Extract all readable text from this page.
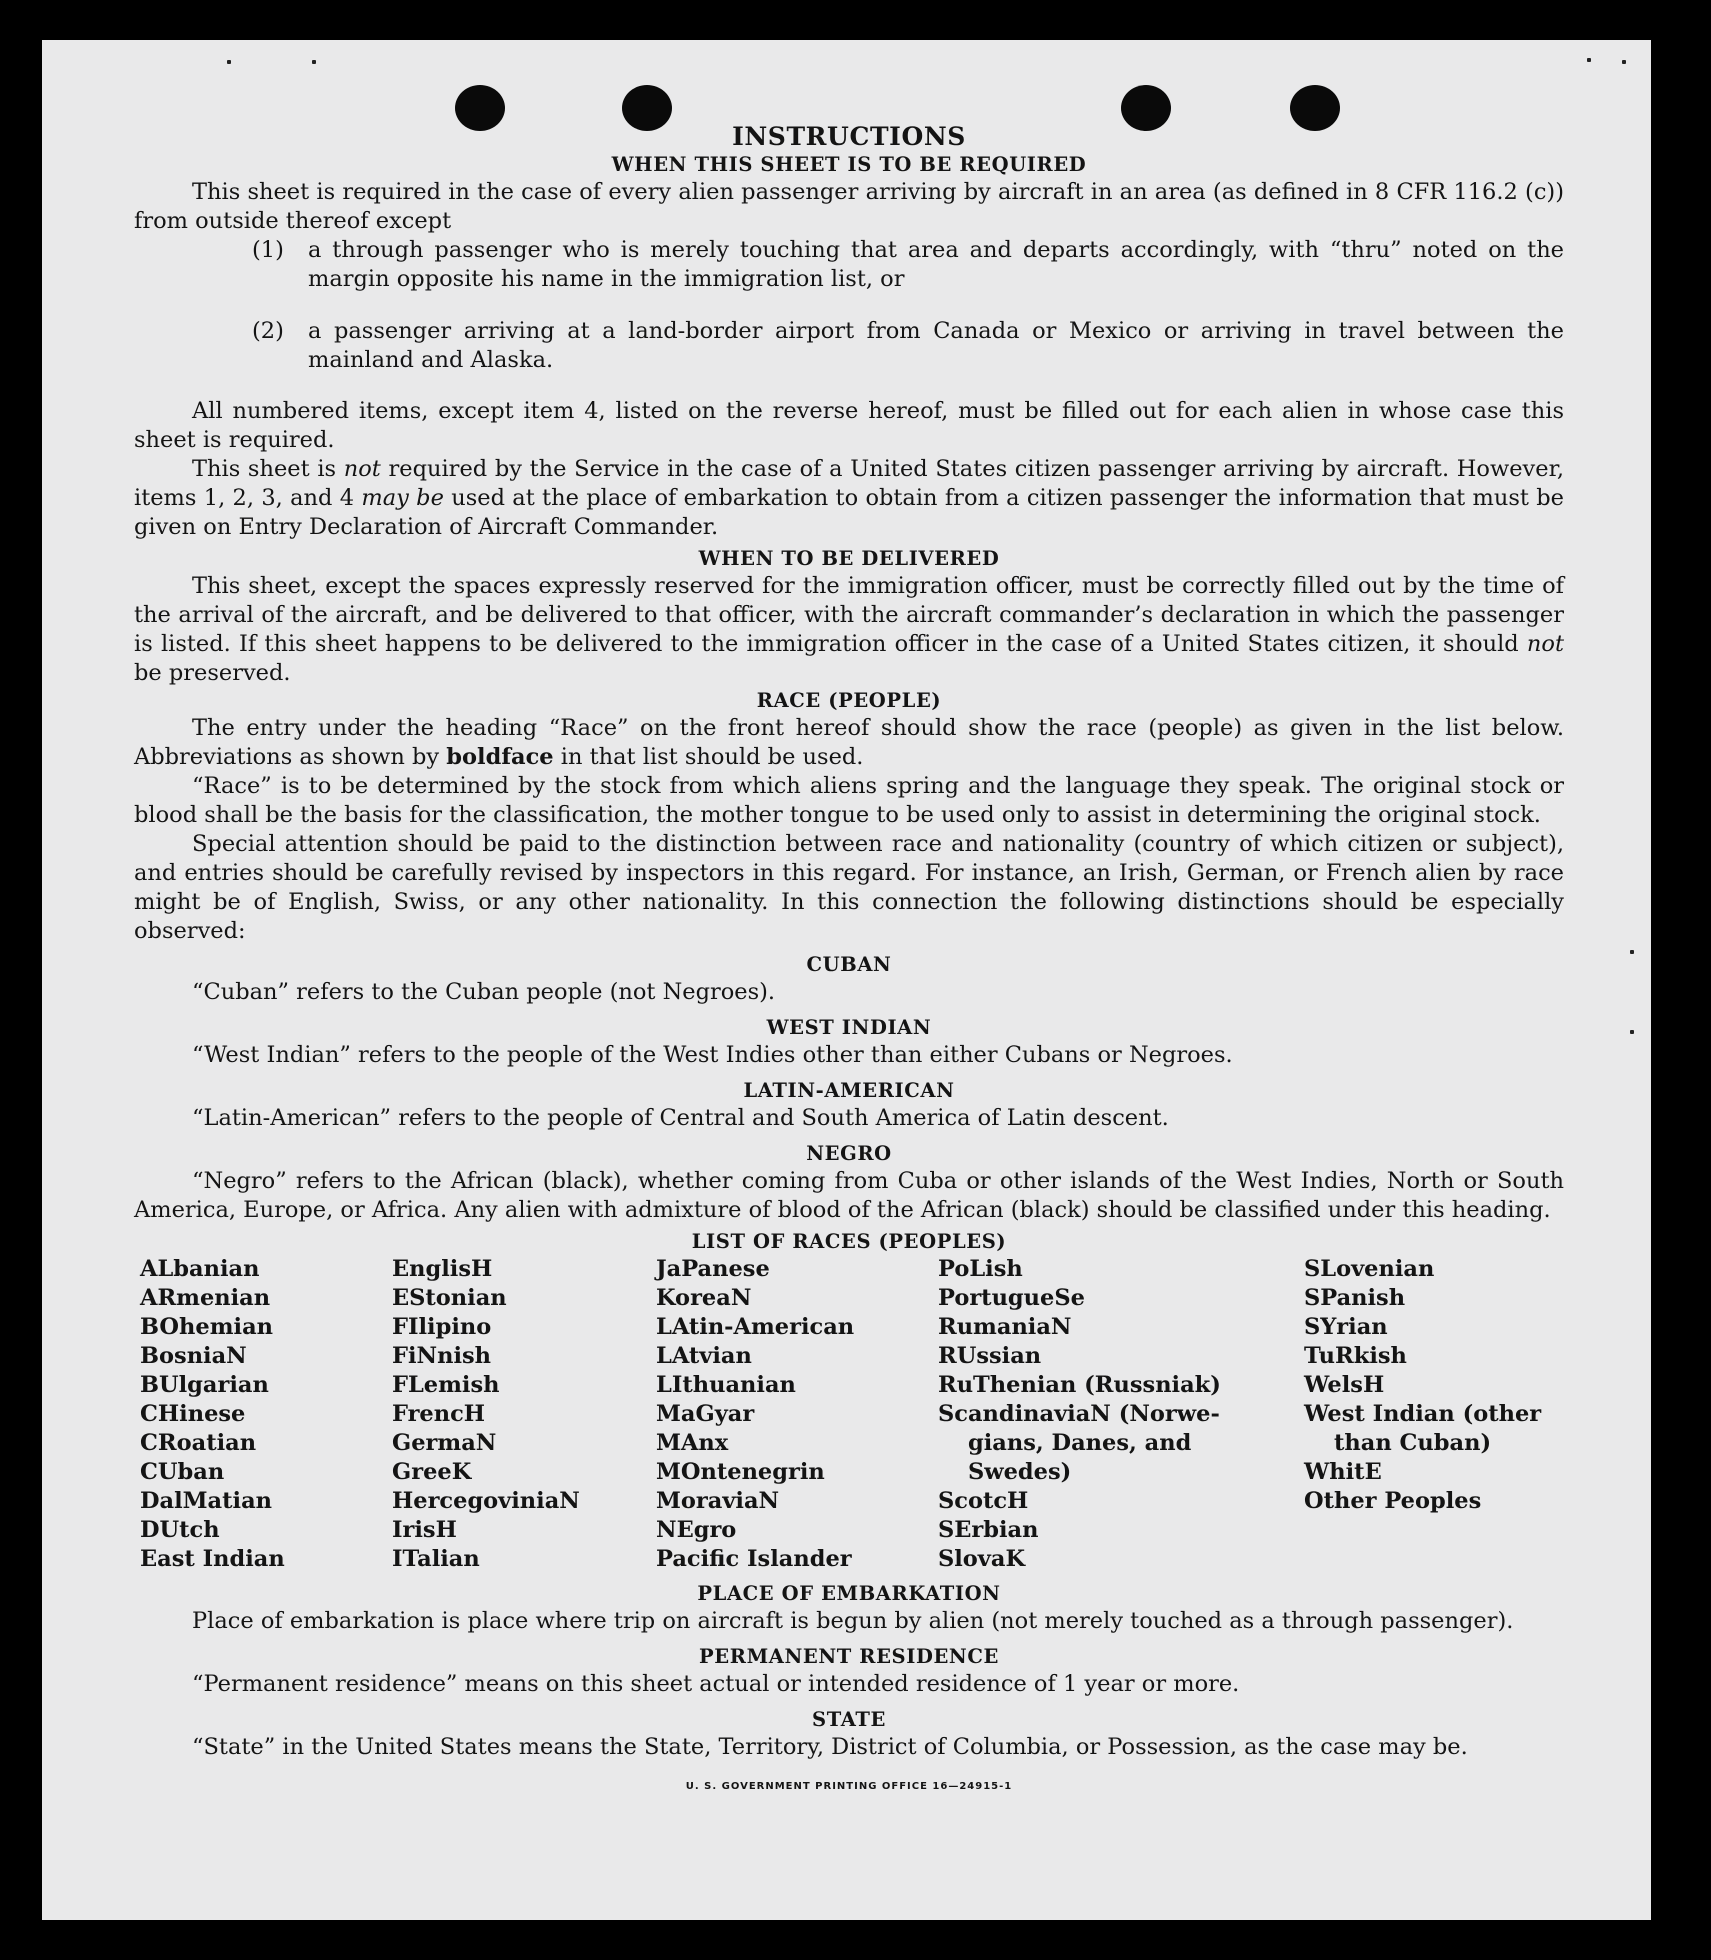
INSTRUCTIONS
WHEN THIS SHEET IS TO BE REQUIRED

This sheet is required in the case of every alien passenger arriving by aircraft in an area (as defined in 8 CFR 116.2 (c)) from outside thereof except

(1) a through passenger who is merely touching that area and departs accordingly, with “thru” noted on the margin opposite his name in the immigration list, or

(2) a passenger arriving at a land-border airport from Canada or Mexico or arriving in travel between the mainland and Alaska.

All numbered items, except item 4, listed on the reverse hereof, must be filled out for each alien in whose case this sheet is required.

This sheet is not required by the Service in the case of a United States citizen passenger arriving by aircraft. However, items 1, 2, 3, and 4 may be used at the place of embarkation to obtain from a citizen passenger the information that must be given on Entry Declaration of Aircraft Commander.

WHEN TO BE DELIVERED

This sheet, except the spaces expressly reserved for the immigration officer, must be correctly filled out by the time of the arrival of the aircraft, and be delivered to that officer, with the aircraft commander’s declaration in which the passenger is listed. If this sheet happens to be delivered to the immigration officer in the case of a United States citizen, it should not be preserved.

RACE (PEOPLE)

The entry under the heading “Race” on the front hereof should show the race (people) as given in the list below. Abbreviations as shown by boldface in that list should be used.

“Race” is to be determined by the stock from which aliens spring and the language they speak. The original stock or blood shall be the basis for the classification, the mother tongue to be used only to assist in determining the original stock.

Special attention should be paid to the distinction between race and nationality (country of which citizen or subject), and entries should be carefully revised by inspectors in this regard. For instance, an Irish, German, or French alien by race might be of English, Swiss, or any other nationality. In this connection the following distinctions should be especially observed:

CUBAN

“Cuban” refers to the Cuban people (not Negroes).

WEST INDIAN

“West Indian” refers to the people of the West Indies other than either Cubans or Negroes.

LATIN-AMERICAN

“Latin-American” refers to the people of Central and South America of Latin descent.

NEGRO

“Negro” refers to the African (black), whether coming from Cuba or other islands of the West Indies, North or South America, Europe, or Africa. Any alien with admixture of blood of the African (black) should be classified under this heading.

LIST OF RACES (PEOPLES)
ALbanian
ARmenian
BOhemian
BosniaN
BUlgarian
CHinese
CRoatian
CUban
DalMatian
DUtch
East Indian
EnglisH
EStonian
FIlipino
FiNnish
FLemish
FrencH
GermaN
GreeK
HercegoviniaN
IrisH
ITalian
JaPanese
KoreaN
LAtin-American
LAtvian
LIthuanian
MaGyar
MAnx
MOntenegrin
MoraviaN
NEgro
Pacific Islander
PoLish
PortugueSe
RumaniaN
RUssian
RuThenian (Russniak)
ScandinaviaN (Norwe-
gians, Danes, and
Swedes)
ScotcH
SErbian
SlovaK
SLovenian
SPanish
SYrian
TuRkish
WelsH
West Indian (other
than Cuban)
WhitE
Other Peoples
PLACE OF EMBARKATION

Place of embarkation is place where trip on aircraft is begun by alien (not merely touched as a through passenger).

PERMANENT RESIDENCE

“Permanent residence” means on this sheet actual or intended residence of 1 year or more.

STATE

“State” in the United States means the State, Territory, District of Columbia, or Possession, as the case may be.

U. S. GOVERNMENT PRINTING OFFICE 16—24915-1
